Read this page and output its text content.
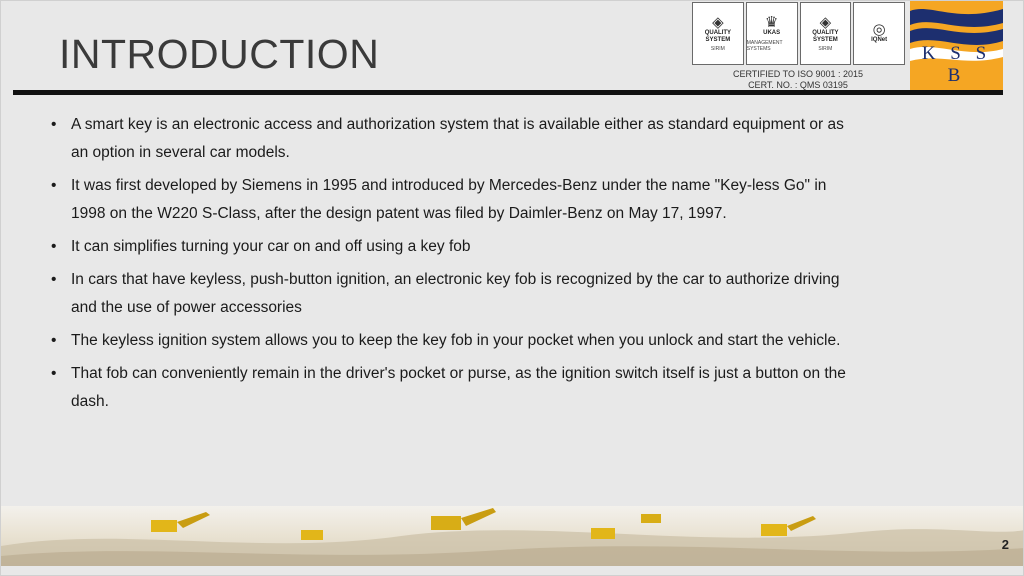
INTRODUCTION
◈
QUALITY SYSTEM
SIRIM
♛
UKAS
MANAGEMENT SYSTEMS
◈
QUALITY SYSTEM
SIRIM
◎
IQNet
CERTIFIED TO ISO 9001 : 2015
CERT. NO. : QMS 03195
K S S B
• A smart key is an electronic access and authorization system that is available either as standard equipment or as an option in several car models.
• It was first developed by Siemens in 1995 and introduced by Mercedes-Benz under the name "Key-less Go" in 1998 on the W220 S-Class, after the design patent was filed by Daimler-Benz on May 17, 1997.
• It can simplifies turning your car on and off using a key fob
• In cars that have keyless, push-button ignition, an electronic key fob is recognized by the car to authorize driving and the use of power accessories
• The keyless ignition system allows you to keep the key fob in your pocket when you unlock and start the vehicle.
• That fob can conveniently remain in the driver's pocket or purse, as the ignition switch itself is just a button on the dash.
2
